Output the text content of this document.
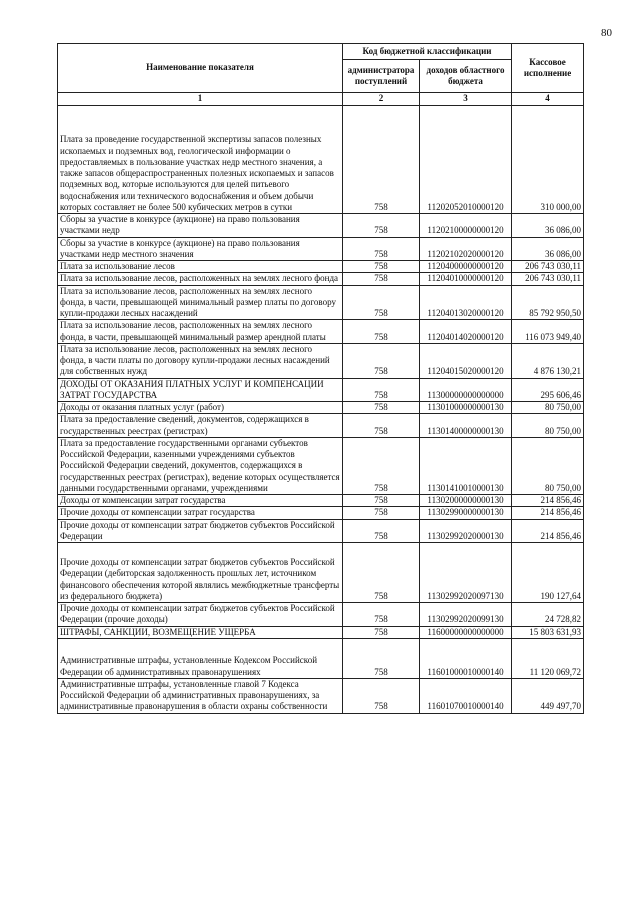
80
Наименование показателя	Код бюджетной классификации		Кассовое исполнение
	администратора поступлений	доходов областного бюджета	
1	2	3	4
Плата за проведение государственной экспертизы запасов полезных ископаемых и подземных вод, геологической информации о предоставляемых в пользование участках недр местного значения, а также запасов общераспространенных полезных ископаемых и запасов подземных вод, которые используются для целей питьевого водоснабжения или технического водоснабжения и объем добычи которых составляет не более 500 кубических метров в сутки	758	11202052010000120	310 000,00
Сборы за участие в конкурсе (аукционе) на право пользования участками недр	758	11202100000000120	36 086,00
Сборы за участие в конкурсе (аукционе) на право пользования участками недр местного значения	758	11202102020000120	36 086,00
Плата за использование лесов	758	11204000000000120	206 743 030,11
Плата за использование лесов, расположенных на землях лесного фонда	758	11204010000000120	206 743 030,11
Плата за использование лесов, расположенных на землях лесного фонда, в части, превышающей минимальный размер платы по договору купли-продажи лесных насаждений	758	11204013020000120	85 792 950,50
Плата за использование лесов, расположенных на землях лесного фонда, в части, превышающей минимальный размер арендной платы	758	11204014020000120	116 073 949,40
Плата за использование лесов, расположенных на землях лесного фонда, в части платы по договору купли-продажи лесных насаждений для собственных нужд	758	11204015020000120	4 876 130,21
ДОХОДЫ ОТ ОКАЗАНИЯ ПЛАТНЫХ УСЛУГ И КОМПЕНСАЦИИ ЗАТРАТ ГОСУДАРСТВА	758	11300000000000000	295 606,46
Доходы от оказания платных услуг (работ)	758	11301000000000130	80 750,00
Плата за предоставление сведений, документов, содержащихся в государственных реестрах (регистрах)	758	11301400000000130	80 750,00
Плата за предоставление государственными органами субъектов Российской Федерации, казенными учреждениями субъектов Российской Федерации сведений, документов, содержащихся в государственных реестрах (регистрах), ведение которых осуществляется данными государственными органами, учреждениями	758	11301410010000130	80 750,00
Доходы от компенсации затрат государства	758	11302000000000130	214 856,46
Прочие доходы от компенсации затрат государства	758	11302990000000130	214 856,46
Прочие доходы от компенсации затрат бюджетов субъектов Российской Федерации	758	11302992020000130	214 856,46
Прочие доходы от компенсации затрат бюджетов субъектов Российской Федерации (дебиторская задолженность прошлых лет, источником финансового обеспечения которой являлись межбюджетные трансферты из федерального бюджета)	758	11302992020097130	190 127,64
Прочие доходы от компенсации затрат бюджетов субъектов Российской Федерации (прочие доходы)	758	11302992020099130	24 728,82
ШТРАФЫ, САНКЦИИ, ВОЗМЕЩЕНИЕ УЩЕРБА	758	11600000000000000	15 803 631,93
Административные штрафы, установленные Кодексом Российской Федерации об административных правонарушениях	758	11601000010000140	11 120 069,72
Административные штрафы, установленные главой 7 Кодекса Российской Федерации об административных правонарушениях, за административные правонарушения в области охраны собственности	758	11601070010000140	449 497,70
